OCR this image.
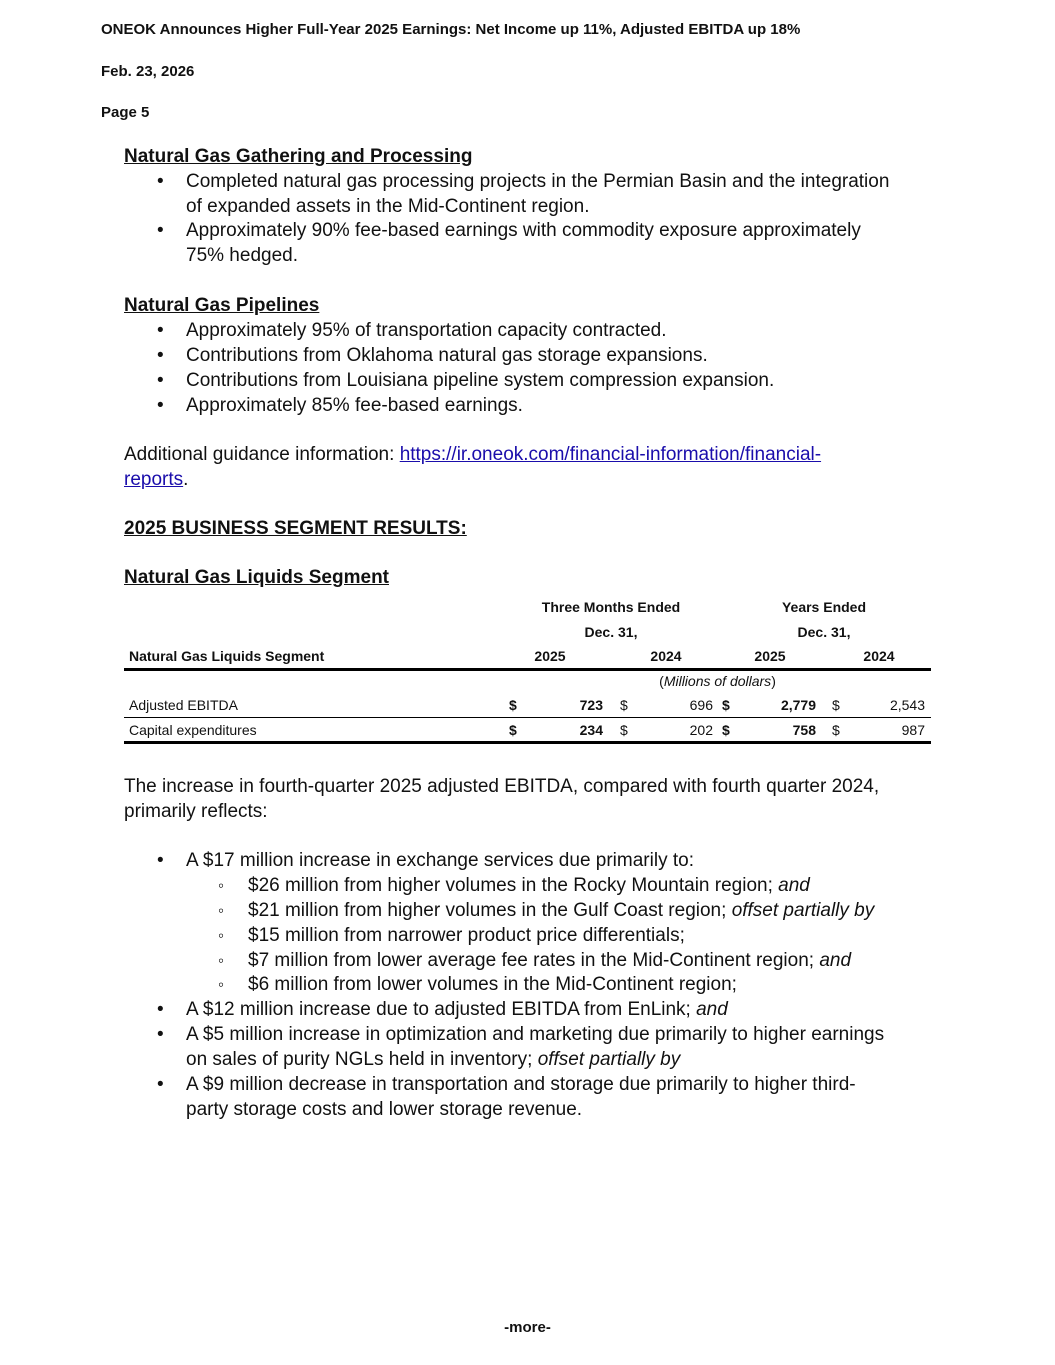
ONEOK Announces Higher Full-Year 2025 Earnings: Net Income up 11%, Adjusted EBITDA up 18%
Feb. 23, 2026
Page 5
Natural Gas Gathering and Processing
• Completed natural gas processing projects in the Permian Basin and the integration
of expanded assets in the Mid-Continent region.
• Approximately 90% fee-based earnings with commodity exposure approximately
75% hedged.
Natural Gas Pipelines
• Approximately 95% of transportation capacity contracted.
• Contributions from Oklahoma natural gas storage expansions.
• Contributions from Louisiana pipeline system compression expansion.
• Approximately 85% fee-based earnings.
Additional guidance information: https://ir.oneok.com/financial-information/financial-
reports.
2025 BUSINESS SEGMENT RESULTS:
Natural Gas Liquids Segment
Three Months Ended	Years Ended
Dec. 31,	Dec. 31,
Natural Gas Liquids Segment	2025	2024	2025	2024
(Millions of dollars)
Adjusted EBITDA	$	723 $	696 $	2,779 $	2,543
Capital expenditures	$	234 $	202 $	758 $	987
The increase in fourth-quarter 2025 adjusted EBITDA, compared with fourth quarter 2024,
primarily reflects:
• A $17 million increase in exchange services due primarily to:
◦ $26 million from higher volumes in the Rocky Mountain region; and
◦ $21 million from higher volumes in the Gulf Coast region; offset partially by
◦ $15 million from narrower product price differentials;
◦ $7 million from lower average fee rates in the Mid-Continent region; and
◦ $6 million from lower volumes in the Mid-Continent region;
• A $12 million increase due to adjusted EBITDA from EnLink; and
• A $5 million increase in optimization and marketing due primarily to higher earnings
on sales of purity NGLs held in inventory; offset partially by
• A $9 million decrease in transportation and storage due primarily to higher third-
party storage costs and lower storage revenue.
-more-
